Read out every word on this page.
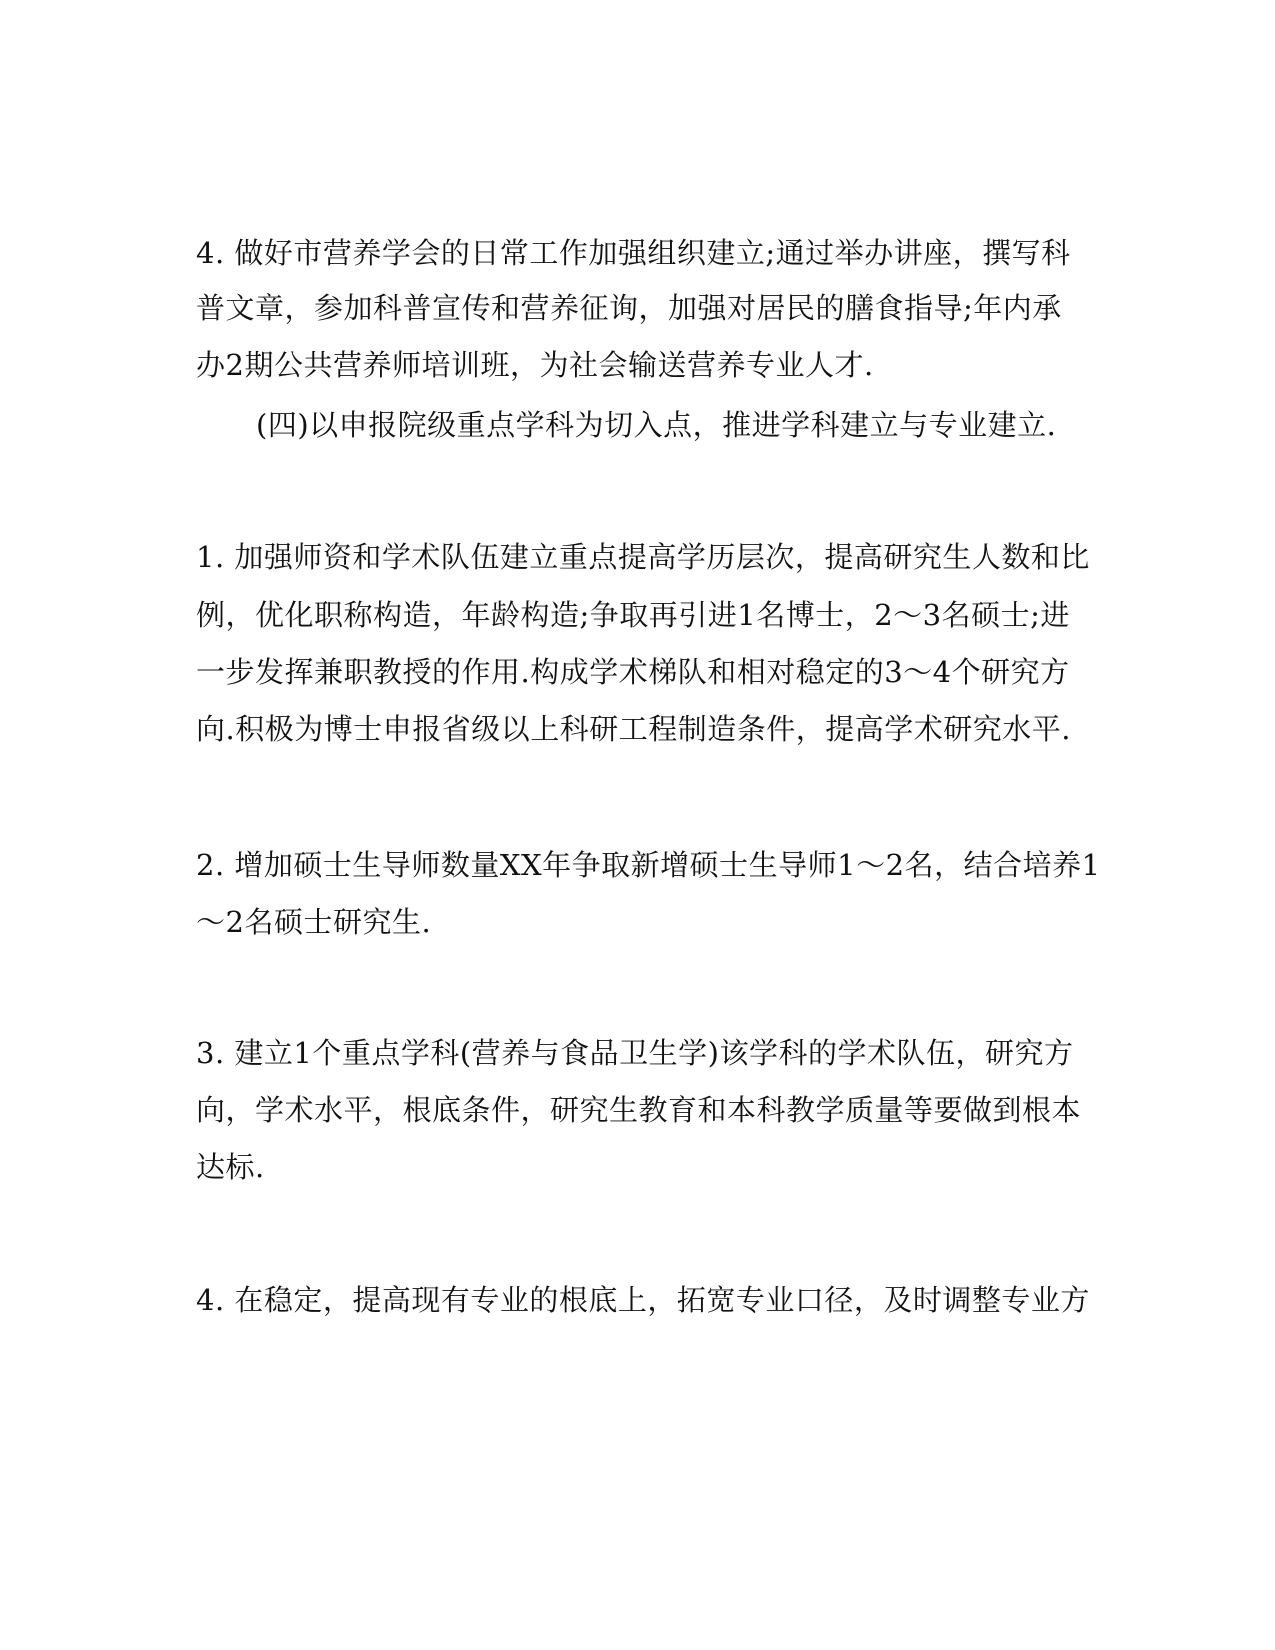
4. 做好市营养学会的日常工作加强组织建立;通过举办讲座，撰写科
普文章，参加科普宣传和营养征询，加强对居民的膳食指导;年内承
办2期公共营养师培训班，为社会输送营养专业人才.
(四)以申报院级重点学科为切入点，推进学科建立与专业建立.
1. 加强师资和学术队伍建立重点提高学历层次，提高研究生人数和比
例，优化职称构造，年龄构造;争取再引进1名博士，2～3名硕士;进
一步发挥兼职教授的作用.构成学术梯队和相对稳定的3～4个研究方
向.积极为博士申报省级以上科研工程制造条件，提高学术研究水平.
2. 增加硕士生导师数量XX年争取新增硕士生导师1～2名，结合培养1
～2名硕士研究生.
3. 建立1个重点学科(营养与食品卫生学)该学科的学术队伍，研究方
向，学术水平，根底条件，研究生教育和本科教学质量等要做到根本
达标.
4. 在稳定，提高现有专业的根底上，拓宽专业口径，及时调整专业方
